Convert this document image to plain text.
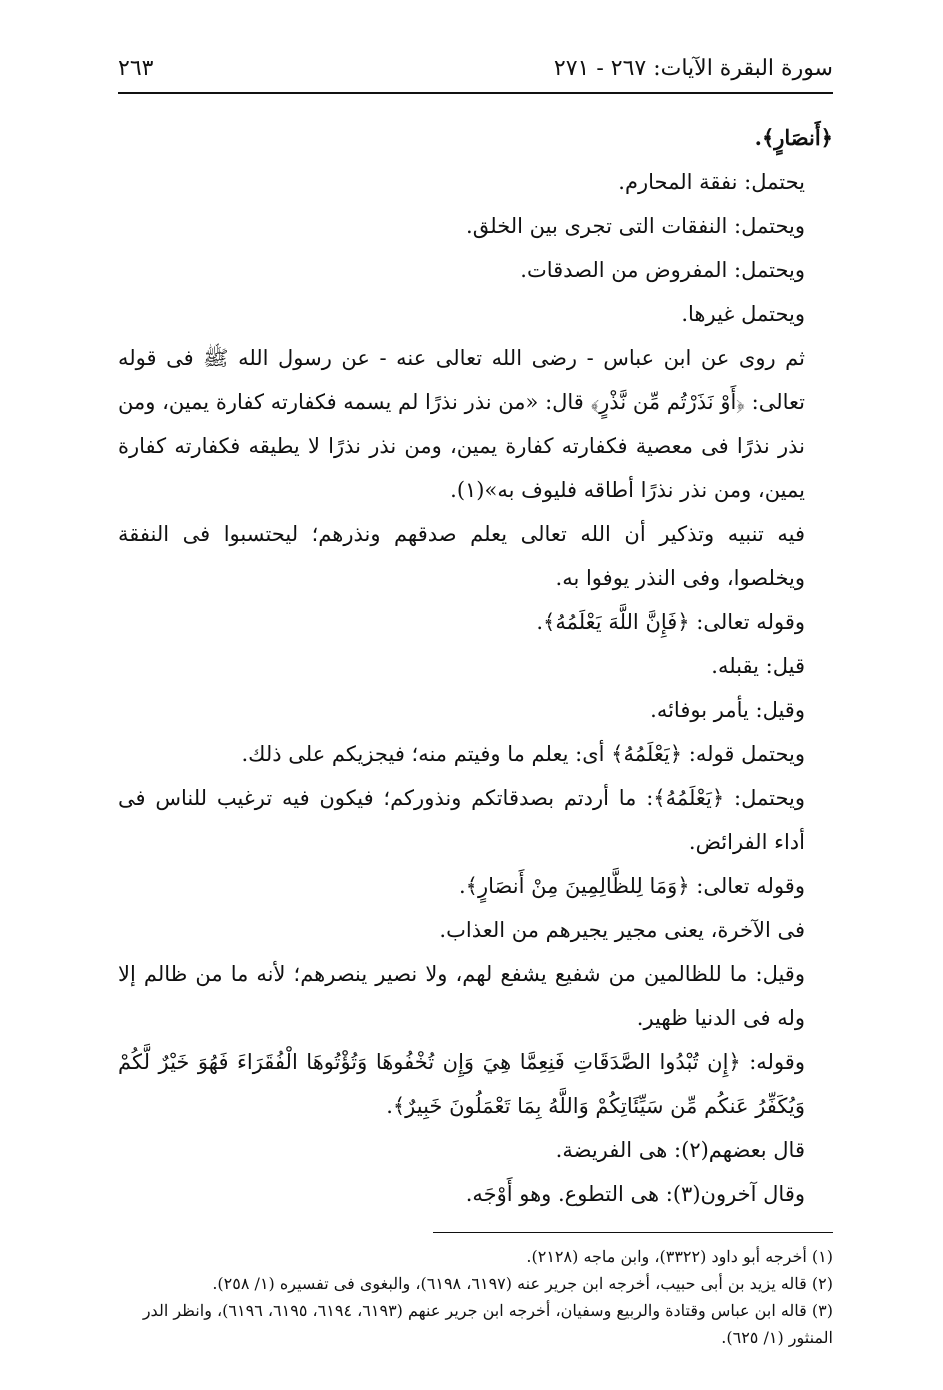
سورة البقرة الآيات: ٢٦٧ - ٢٧١
٢٦٣

﴿أَنصَارٍ﴾.

يحتمل: نفقة المحارم.

ويحتمل: النفقات التى تجرى بين الخلق.

ويحتمل: المفروض من الصدقات.

ويحتمل غيرها.

ثم روى عن ابن عباس - رضى الله تعالى عنه - عن رسول الله ﷺ فى قوله تعالى: ﴿أَوْ نَذَرْتُم مِّن نَّذْرٍ﴾ قال: «من نذر نذرًا لم يسمه فكفارته كفارة يمين، ومن نذر نذرًا فى معصية فكفارته كفارة يمين، ومن نذر نذرًا لا يطيقه فكفارته كفارة يمين، ومن نذر نذرًا أطاقه فليوف به»(١).

فيه تنبيه وتذكير أن الله تعالى يعلم صدقهم ونذرهم؛ ليحتسبوا فى النفقة ويخلصوا، وفى النذر يوفوا به.

وقوله تعالى: ﴿فَإِنَّ اللَّهَ يَعْلَمُهُ﴾.

قيل: يقبله.

وقيل: يأمر بوفائه.

ويحتمل قوله: ﴿يَعْلَمُهُ﴾ أى: يعلم ما وفيتم منه؛ فيجزيكم على ذلك.

ويحتمل: ﴿يَعْلَمُهُ﴾: ما أردتم بصدقاتكم ونذوركم؛ فيكون فيه ترغيب للناس فى أداء الفرائض.

وقوله تعالى: ﴿وَمَا لِلظَّالِمِينَ مِنْ أَنصَارٍ﴾.

فى الآخرة، يعنى مجير يجيرهم من العذاب.

وقيل: ما للظالمين من شفيع يشفع لهم، ولا نصير ينصرهم؛ لأنه ما من ظالم إلا وله فى الدنيا ظهير.

وقوله: ﴿إِن تُبْدُوا الصَّدَقَاتِ فَنِعِمَّا هِيَ وَإِن تُخْفُوهَا وَتُؤْتُوهَا الْفُقَرَاءَ فَهُوَ خَيْرٌ لَّكُمْ وَيُكَفِّرُ عَنكُم مِّن سَيِّئَاتِكُمْ وَاللَّهُ بِمَا تَعْمَلُونَ خَبِيرٌ﴾.

قال بعضهم(٢): هى الفريضة.

وقال آخرون(٣): هى التطوع. وهو أَوْجَه.

(١) أخرجه أبو داود (٣٣٢٢)، وابن ماجه (٢١٢٨).

(٢) قاله يزيد بن أبى حبيب، أخرجه ابن جرير عنه (٦١٩٧، ٦١٩٨)، والبغوى فى تفسيره (١/ ٢٥٨).

(٣) قاله ابن عباس وقتادة والربيع وسفيان، أخرجه ابن جرير عنهم (٦١٩٣، ٦١٩٤، ٦١٩٥، ٦١٩٦)، وانظر الدر المنثور (١/ ٦٢٥).
